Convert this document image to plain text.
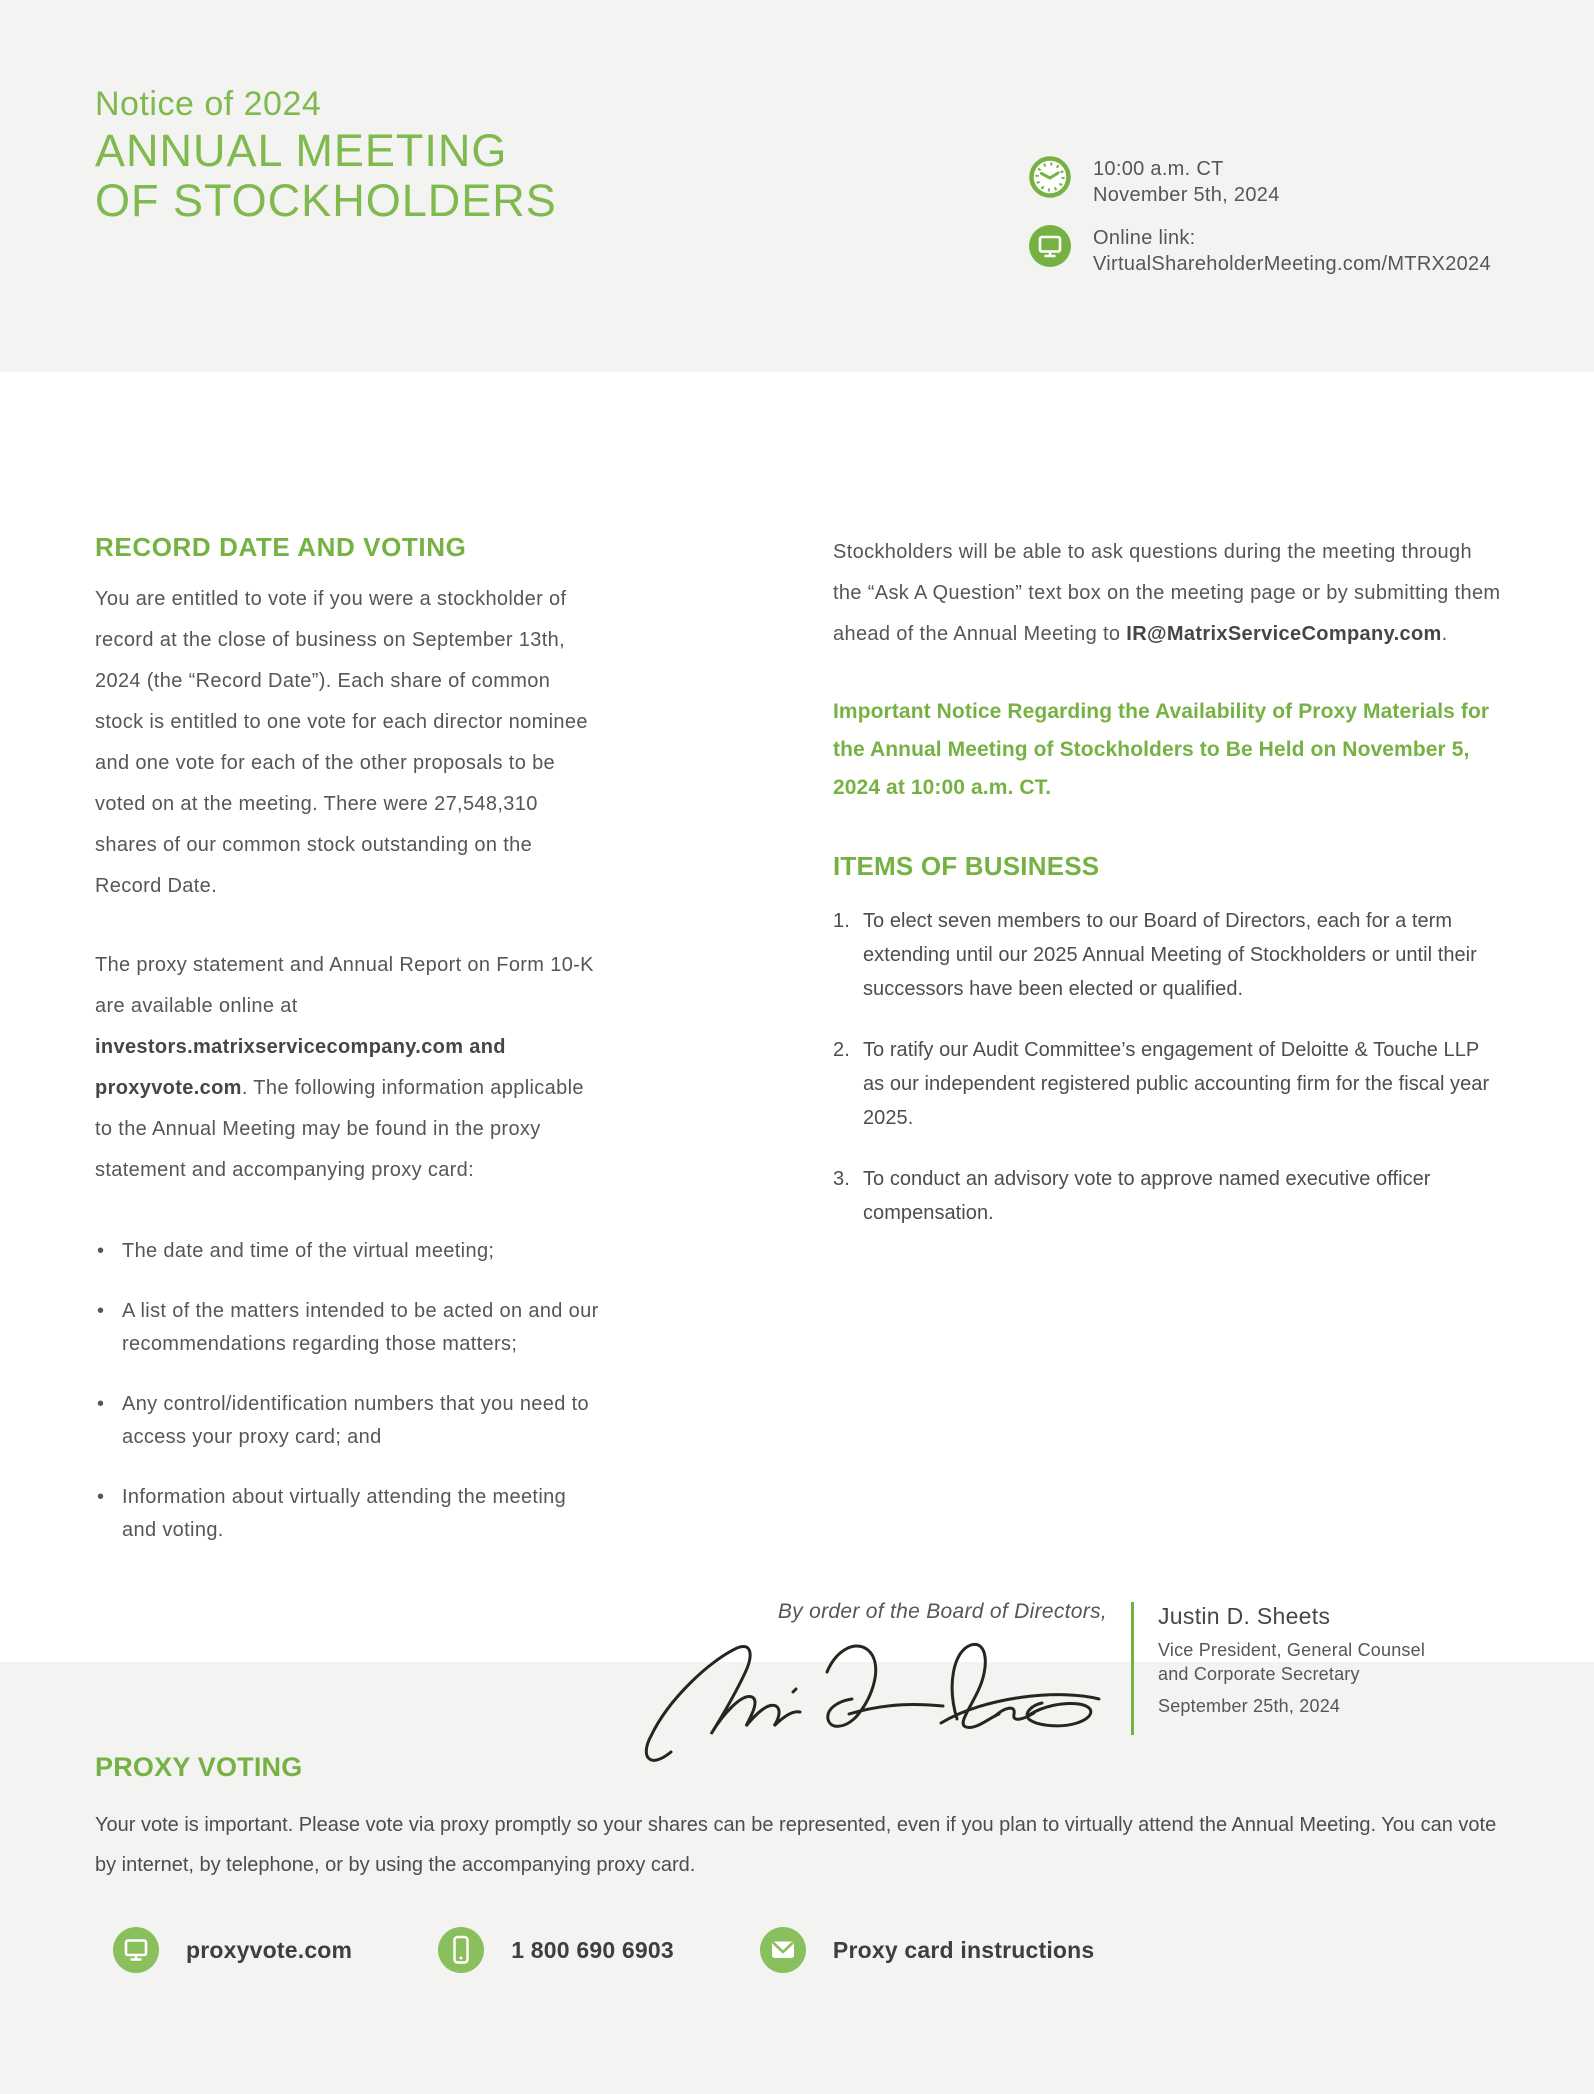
Notice of 2024
ANNUAL MEETING
OF STOCKHOLDERS
10:00 a.m. CT
November 5th, 2024
Online link:
VirtualShareholderMeeting.com/MTRX2024
RECORD DATE AND VOTING

You are entitled to vote if you were a stockholder of record at the close of business on September 13th, 2024 (the “Record Date”). Each share of common stock is entitled to one vote for each director nominee and one vote for each of the other proposals to be voted on at the meeting. There were 27,548,310 shares of our common stock outstanding on the Record Date.

The proxy statement and Annual Report on Form 10-K are available online at investors.matrixservicecompany.com and proxyvote.com. The following information applicable to the Annual Meeting may be found in the proxy statement and accompanying proxy card:

• The date and time of the virtual meeting;
• A list of the matters intended to be acted on and our recommendations regarding those matters;
• Any control/identification numbers that you need to access your proxy card; and
• Information about virtually attending the meeting and voting.

Stockholders will be able to ask questions during the meeting through the “Ask A Question” text box on the meeting page or by submitting them ahead of the Annual Meeting to IR@MatrixServiceCompany.com.

Important Notice Regarding the Availability of Proxy Materials for the Annual Meeting of Stockholders to Be Held on November 5, 2024 at 10:00 a.m. CT.

ITEMS OF BUSINESS
To elect seven members to our Board of Directors, each for a term extending until our 2025 Annual Meeting of Stockholders or until their successors have been elected or qualified.
To ratify our Audit Committee’s engagement of Deloitte & Touche LLP as our independent registered public accounting firm for the fiscal year 2025.
To conduct an advisory vote to approve named executive officer compensation.
By order of the Board of Directors, Justin D. Sheets
Vice President, General Counsel
and Corporate Secretary
September 25th, 2024
PROXY VOTING

Your vote is important. Please vote via proxy promptly so your shares can be represented, even if you plan to virtually attend the Annual Meeting. You can vote by internet, by telephone, or by using the accompanying proxy card.

proxyvote.com	1 800 690 6903	Proxy card instructions
